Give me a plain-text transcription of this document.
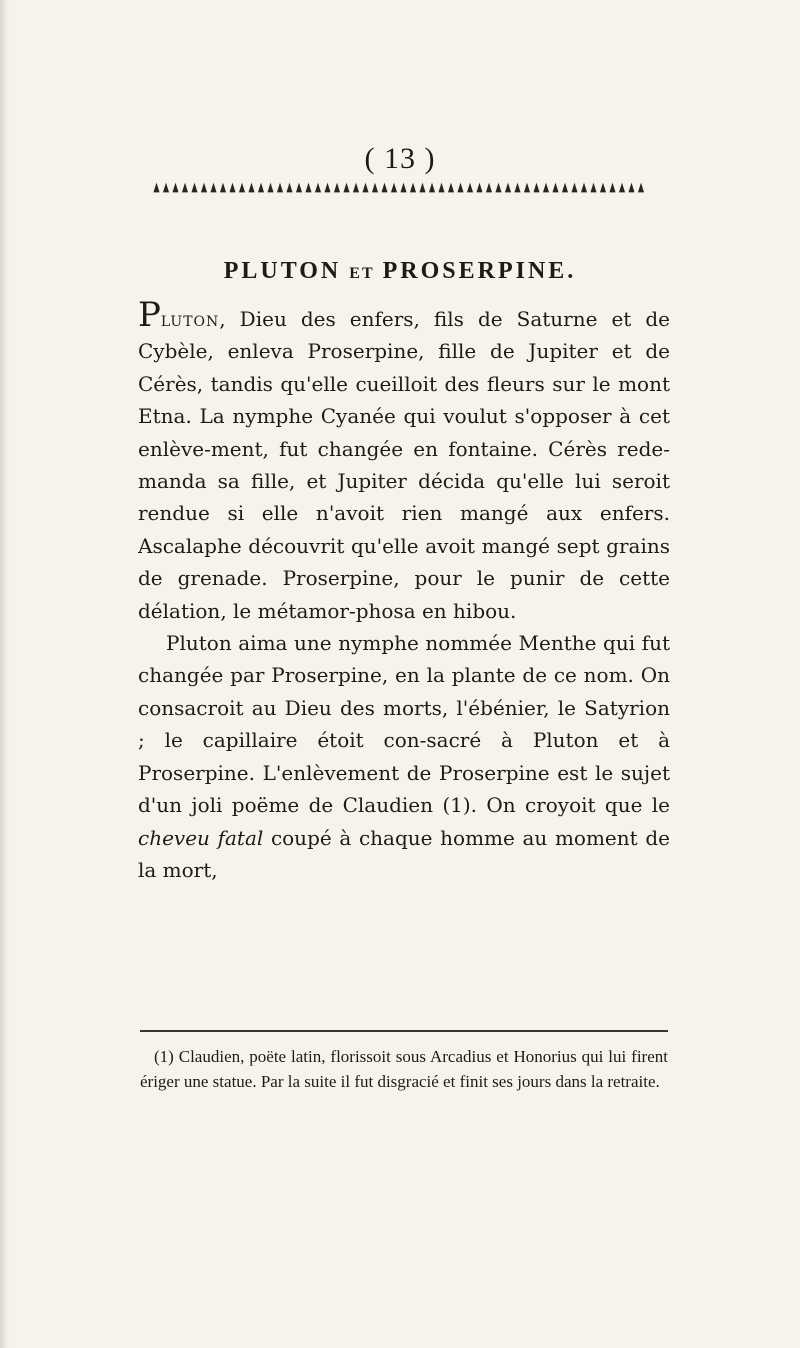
( 13 )
PLUTON ET PROSERPINE.

Pluton, Dieu des enfers, fils de Saturne et de Cybèle, enleva Proserpine, fille de Jupiter et de Cérès, tandis qu'elle cueilloit des fleurs sur le mont Etna. La nymphe Cyanée qui voulut s'opposer à cet enlève-ment, fut changée en fontaine. Cérès rede-manda sa fille, et Jupiter décida qu'elle lui seroit rendue si elle n'avoit rien mangé aux enfers. Ascalaphe découvrit qu'elle avoit mangé sept grains de grenade. Proserpine, pour le punir de cette délation, le métamor-phosa en hibou.

Pluton aima une nymphe nommée Menthe qui fut changée par Proserpine, en la plante de ce nom. On consacroit au Dieu des morts, l'ébénier, le Satyrion ; le capillaire étoit con-sacré à Pluton et à Proserpine. L'enlèvement de Proserpine est le sujet d'un joli poëme de Claudien (1). On croyoit que le cheveu fatal coupé à chaque homme au moment de la mort,

(1) Claudien, poëte latin, florissoit sous Arcadius et Honorius qui lui firent ériger une statue. Par la suite il fut disgracié et finit ses jours dans la retraite.
